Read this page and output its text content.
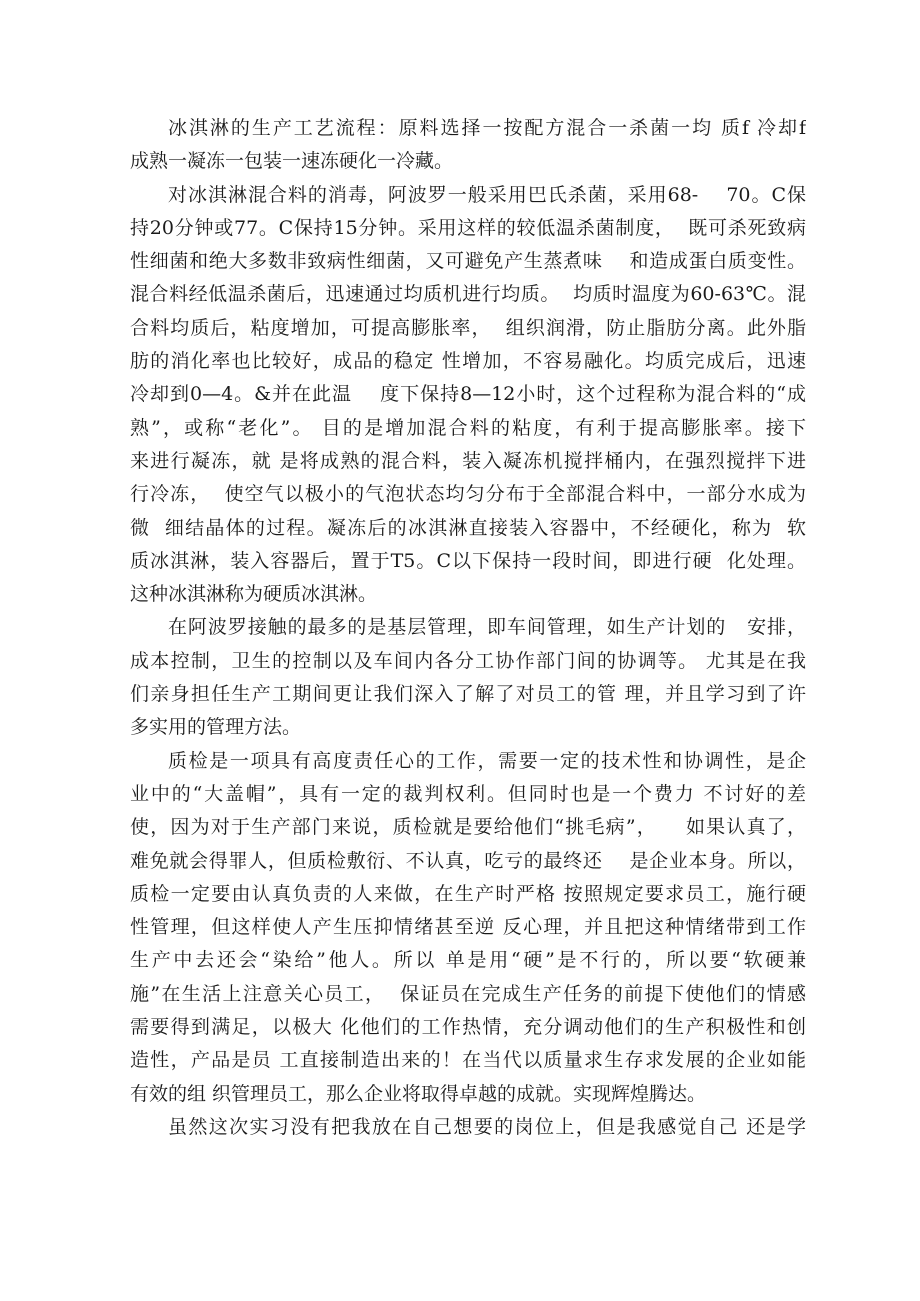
冰淇淋的生产工艺流程：原料选择一按配方混合一杀菌一均 质f 冷却f
成熟一凝冻一包装一速冻硬化一冷藏。
对冰淇淋混合料的消毒，阿波罗一般采用巴氏杀菌，采用68-    70。C保
持20分钟或77。C保持15分钟。采用这样的较低温杀菌制度，  既可杀死致病
性细菌和绝大多数非致病性细菌，又可避免产生蒸煮味    和造成蛋白质变性。
混合料经低温杀菌后，迅速通过均质机进行均质。  均质时温度为60-63℃。混
合料均质后，粘度增加，可提高膨胀率，  组织润滑，防止脂肪分离。此外脂
肪的消化率也比较好，成品的稳定 性增加，不容易融化。均质完成后，迅速
冷却到0—4。&并在此温    度下保持8—12小时，这个过程称为混合料的“成
熟”，或称“老化”。 目的是增加混合料的粘度，有利于提高膨胀率。接下
来进行凝冻，就 是将成熟的混合料，装入凝冻机搅拌桶内，在强烈搅拌下进
行冷冻，  使空气以极小的气泡状态均匀分布于全部混合料中，一部分水成为
微  细结晶体的过程。凝冻后的冰淇淋直接装入容器中，不经硬化，称为  软
质冰淇淋，装入容器后，置于T5。C以下保持一段时间，即进行硬  化处理。
这种冰淇淋称为硬质冰淇淋。
在阿波罗接触的最多的是基层管理，即车间管理，如生产计划的   安排，
成本控制，卫生的控制以及车间内各分工协作部门间的协调等。 尤其是在我
们亲身担任生产工期间更让我们深入了解了对员工的管 理，并且学习到了许
多实用的管理方法。
质检是一项具有高度责任心的工作，需要一定的技术性和协调性，是企
业中的“大盖帽”，具有一定的裁判权利。但同时也是一个费力 不讨好的差
使，因为对于生产部门来说，质检就是要给他们“挑毛病”，    如果认真了，
难免就会得罪人，但质检敷衍、不认真，吃亏的最终还    是企业本身。所以，
质检一定要由认真负责的人来做，在生产时严格 按照规定要求员工，施行硬
性管理，但这样使人产生压抑情绪甚至逆 反心理，并且把这种情绪带到工作
生产中去还会“染给”他人。所以 单是用“硬”是不行的，所以要“软硬兼
施”在生活上注意关心员工，  保证员在完成生产任务的前提下使他们的情感
需要得到满足，以极大 化他们的工作热情，充分调动他们的生产积极性和创
造性，产品是员 工直接制造出来的！在当代以质量求生存求发展的企业如能
有效的组 织管理员工，那么企业将取得卓越的成就。实现辉煌腾达。
虽然这次实习没有把我放在自己想要的岗位上，但是我感觉自己 还是学
